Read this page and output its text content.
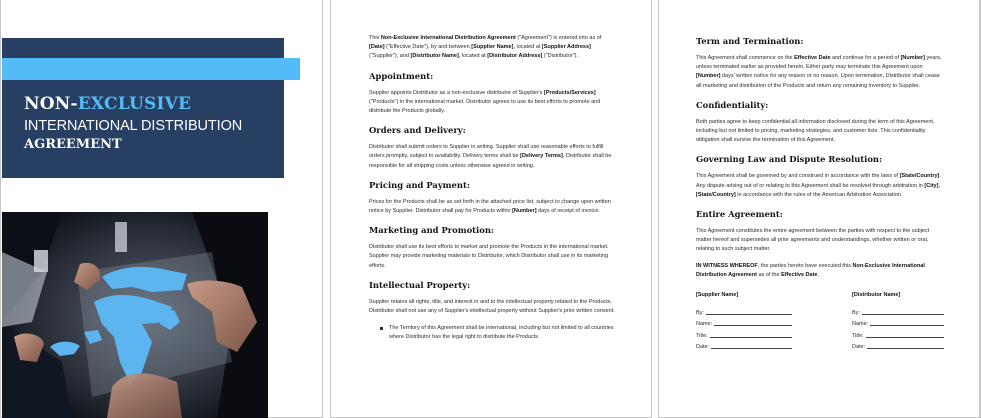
NON-EXCLUSIVE
INTERNATIONAL DISTRIBUTION
AGREEMENT

This Non-Exclusive International Distribution Agreement ("Agreement") is entered into as of [Date] ("Effective Date"), by and between [Supplier Name], located at [Supplier Address] ("Supplier"), and [Distributor Name], located at [Distributor Address] ("Distributor").

Appointment:

Supplier appoints Distributor as a non-exclusive distributor of Supplier's [Products/Services] ("Products") in the international market. Distributor agrees to use its best efforts to promote and distribute the Products globally.

Orders and Delivery:

Distributor shall submit orders to Supplier in writing. Supplier shall use reasonable efforts to fulfill orders promptly, subject to availability. Delivery terms shall be [Delivery Terms]. Distributor shall be responsible for all shipping costs unless otherwise agreed in writing.

Pricing and Payment:

Prices for the Products shall be as set forth in the attached price list, subject to change upon written notice by Supplier. Distributor shall pay for Products within [Number] days of receipt of invoice.

Marketing and Promotion:

Distributor shall use its best efforts to market and promote the Products in the international market. Supplier may provide marketing materials to Distributor, which Distributor shall use in its marketing efforts.

Intellectual Property:

Supplier retains all rights, title, and interest in and to the intellectual property related to the Products. Distributor shall not use any of Supplier's intellectual property without Supplier's prior written consent.

The Territory of this Agreement shall be international, including but not limited to all countries where Distributor has the legal right to distribute the Products.
Term and Termination:

This Agreement shall commence on the Effective Date and continue for a period of [Number] years, unless terminated earlier as provided herein. Either party may terminate this Agreement upon [Number] days' written notice for any reason or no reason. Upon termination, Distributor shall cease all marketing and distribution of the Products and return any remaining inventory to Supplier.

Confidentiality:

Both parties agree to keep confidential all information disclosed during the term of this Agreement, including but not limited to pricing, marketing strategies, and customer lists. This confidentiality obligation shall survive the termination of this Agreement.

Governing Law and Dispute Resolution:

This Agreement shall be governed by and construed in accordance with the laws of [State/Country]. Any dispute arising out of or relating to this Agreement shall be resolved through arbitration in [City], [State/Country] in accordance with the rules of the American Arbitration Association.

Entire Agreement:

This Agreement constitutes the entire agreement between the parties with respect to the subject matter hereof and supersedes all prior agreements and understandings, whether written or oral, relating to such subject matter.

IN WITNESS WHEREOF, the parties hereto have executed this Non-Exclusive International Distribution Agreement as of the Effective Date.

[Supplier Name]
By:
Name:
Title:
Date:
[Distributor Name]
By:
Name:
Title:
Date:
